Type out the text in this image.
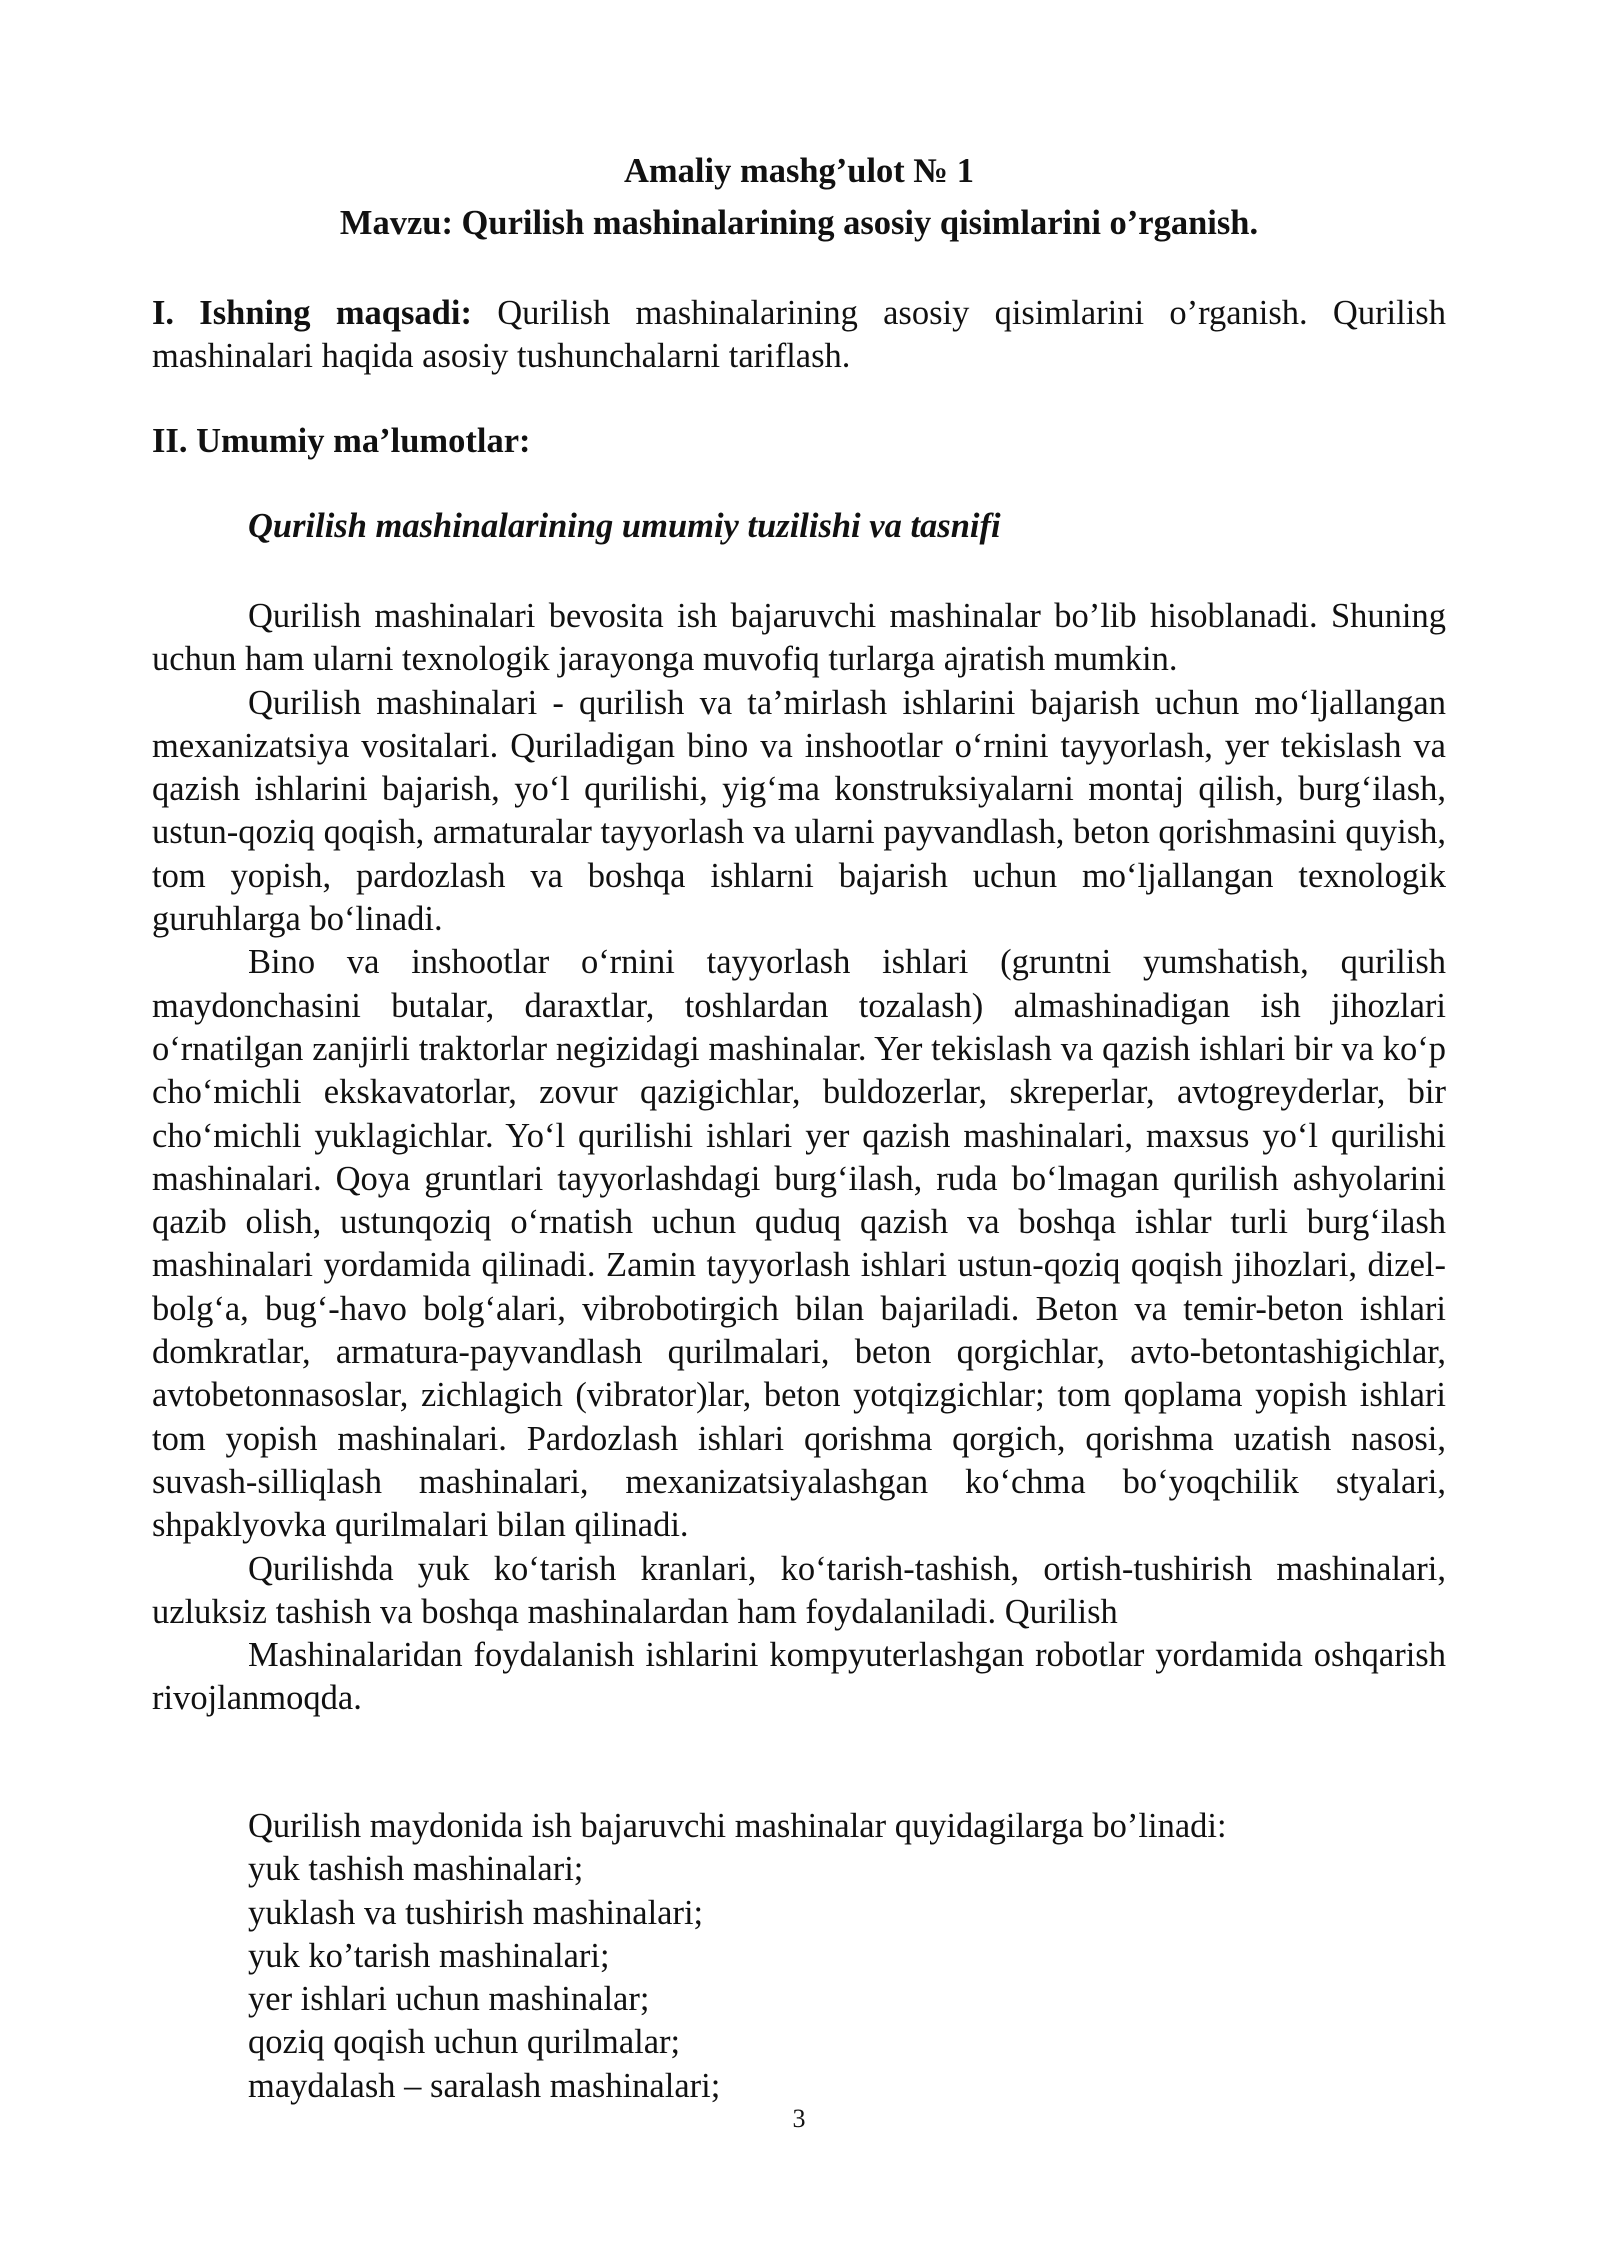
Amaliy mashg’ulot № 1
Mavzu: Qurilish mashinalarining asosiy qisimlarini o’rganish.

I. Ishning maqsadi: Qurilish mashinalarining asosiy qisimlarini o’rganish. Qurilish mashinalari haqida asosiy tushunchalarni tariflash.

II. Umumiy ma’lumotlar:
Qurilish mashinalarining umumiy tuzilishi va tasnifi

Qurilish mashinalari bevosita ish bajaruvchi mashinalar bo’lib hisoblanadi. Shuning uchun ham ularni texnologik jarayonga muvofiq turlarga ajratish mumkin.

Qurilish mashinalari - qurilish va ta’mirlash ishlarini bajarish uchun mo‘ljallangan mexanizatsiya vositalari. Quriladigan bino va inshootlar o‘rnini tayyorlash, yer tekislash va qazish ishlarini bajarish, yo‘l qurilishi, yig‘ma konstruksiyalarni montaj qilish, burg‘ilash, ustun-qoziq qoqish, armaturalar tayyorlash va ularni payvandlash, beton qorishmasini quyish, tom yopish, pardozlash va boshqa ishlarni bajarish uchun mo‘ljallangan texnologik guruhlarga bo‘linadi.

Bino va inshootlar o‘rnini tayyorlash ishlari (gruntni yumshatish, qurilish maydonchasini butalar, daraxtlar, toshlardan tozalash) almashinadigan ish jihozlari o‘rnatilgan zanjirli traktorlar negizidagi mashinalar. Yer tekislash va qazish ishlari bir va ko‘p cho‘michli ekskavatorlar, zovur qazigichlar, buldozerlar, skreperlar, avtogreyderlar, bir cho‘michli yuklagichlar. Yo‘l qurilishi ishlari yer qazish mashinalari, maxsus yo‘l qurilishi mashinalari. Qoya gruntlari tayyorlashdagi burg‘ilash, ruda bo‘lmagan qurilish ashyolarini qazib olish, ustunqoziq o‘rnatish uchun quduq qazish va boshqa ishlar turli burg‘ilash mashinalari yordamida qilinadi. Zamin tayyorlash ishlari ustun-qoziq qoqish jihozlari, dizel-bolg‘a, bug‘-havo bolg‘alari, vibrobotirgich bilan bajariladi. Beton va temir-beton ishlari domkratlar, armatura-payvandlash qurilmalari, beton qorgichlar, avto-betontashigichlar, avtobetonnasoslar, zichlagich (vibrator)lar, beton yotqizgichlar; tom qoplama yopish ishlari tom yopish mashinalari. Pardozlash ishlari qorishma qorgich, qorishma uzatish nasosi, suvash-silliqlash mashinalari, mexanizatsiyalashgan ko‘chma bo‘yoqchilik styalari, shpaklyovka qurilmalari bilan qilinadi.

Qurilishda yuk ko‘tarish kranlari, ko‘tarish-tashish, ortish-tushirish mashinalari, uzluksiz tashish va boshqa mashinalardan ham foydalaniladi. Qurilish

Mashinalaridan foydalanish ishlarini kompyuterlashgan robotlar yordamida oshqarish rivojlanmoqda.

Qurilish maydonida ish bajaruvchi mashinalar quyidagilarga bo’linadi:
yuk tashish mashinalari;
yuklash va tushirish mashinalari;
yuk ko’tarish mashinalari;
yer ishlari uchun mashinalar;
qoziq qoqish uchun qurilmalar;
maydalash – saralash mashinalari;
3
